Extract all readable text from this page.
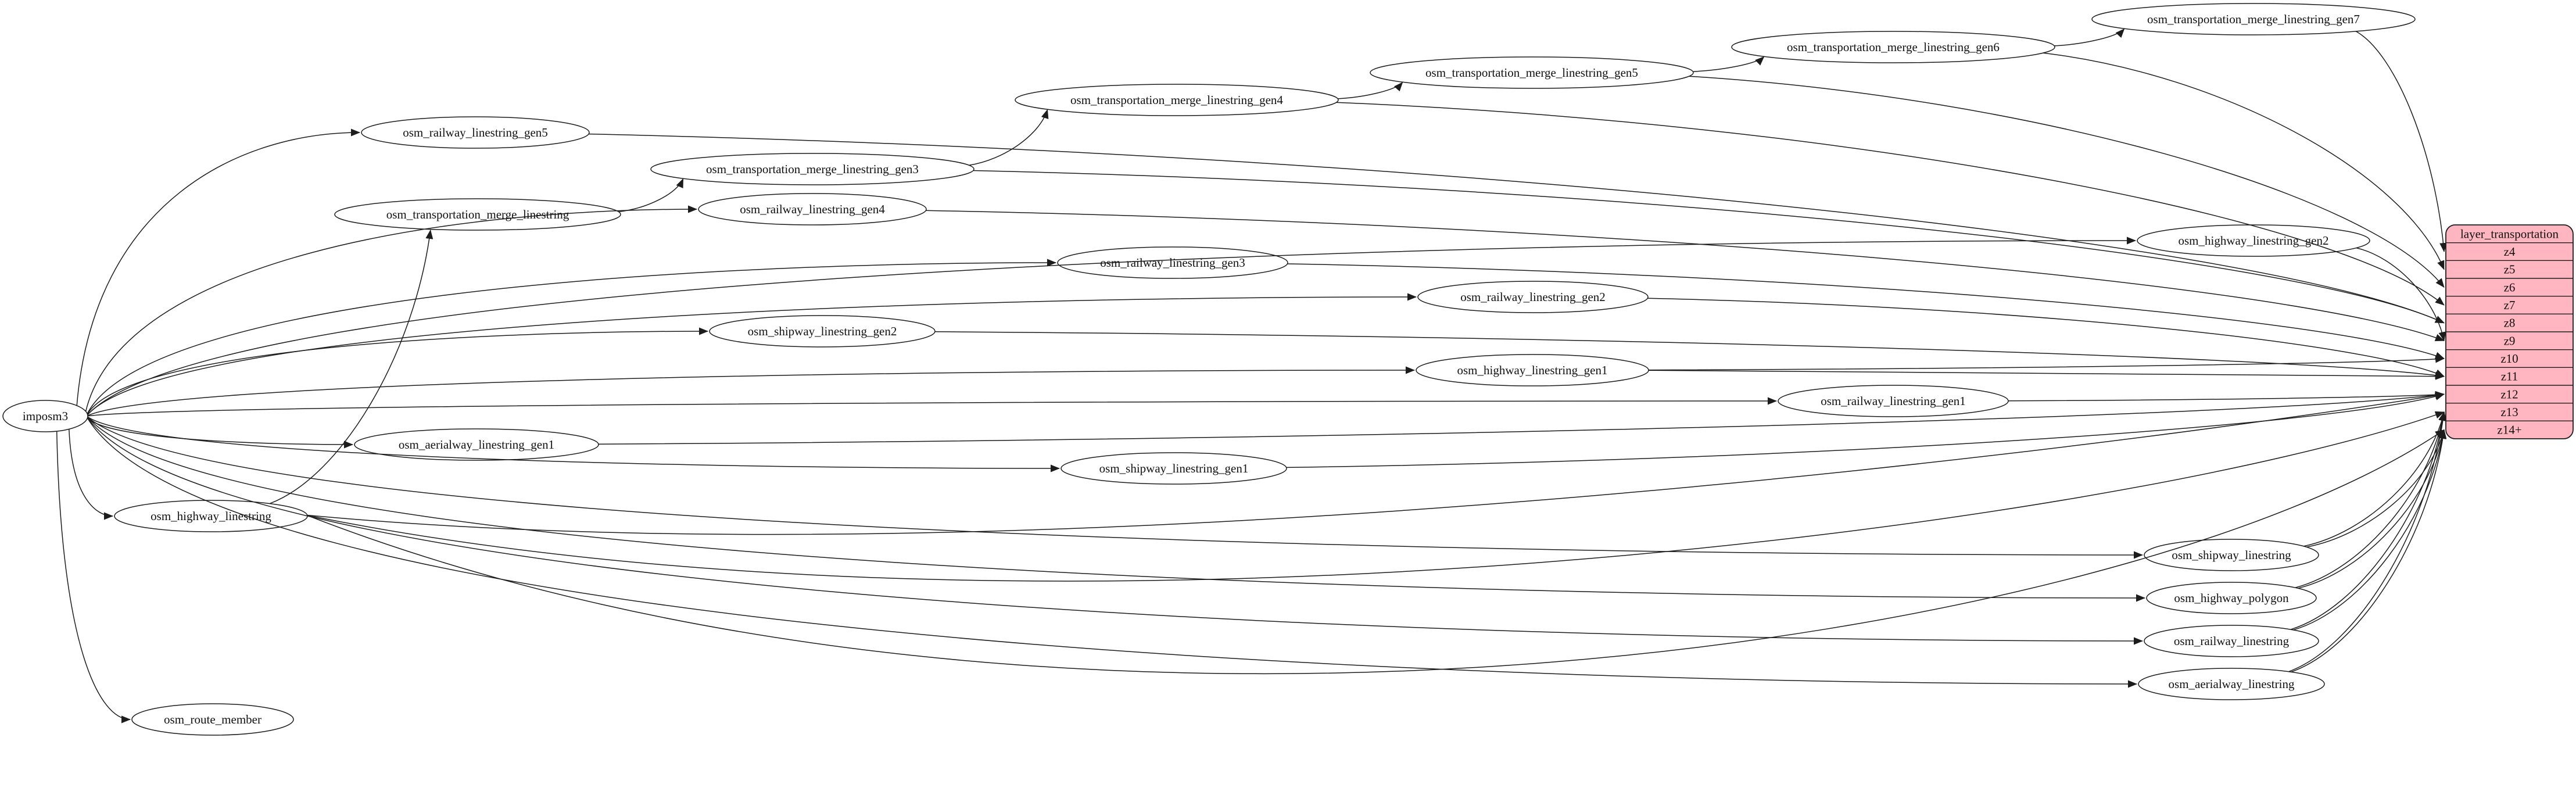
layer_transportation
z4
z5
z6
z7
z8
z9
z10
z11
z12
z13
z14+
imposm3
osm_railway_linestring_gen5
osm_transportation_merge_linestring
osm_transportation_merge_linestring_gen3
osm_railway_linestring_gen4
osm_transportation_merge_linestring_gen4
osm_transportation_merge_linestring_gen5
osm_transportation_merge_linestring_gen6
osm_transportation_merge_linestring_gen7
osm_railway_linestring_gen3
osm_highway_linestring_gen2
osm_railway_linestring_gen2
osm_shipway_linestring_gen2
osm_highway_linestring_gen1
osm_railway_linestring_gen1
osm_aerialway_linestring_gen1
osm_shipway_linestring_gen1
osm_highway_linestring
osm_shipway_linestring
osm_highway_polygon
osm_railway_linestring
osm_aerialway_linestring
osm_route_member
